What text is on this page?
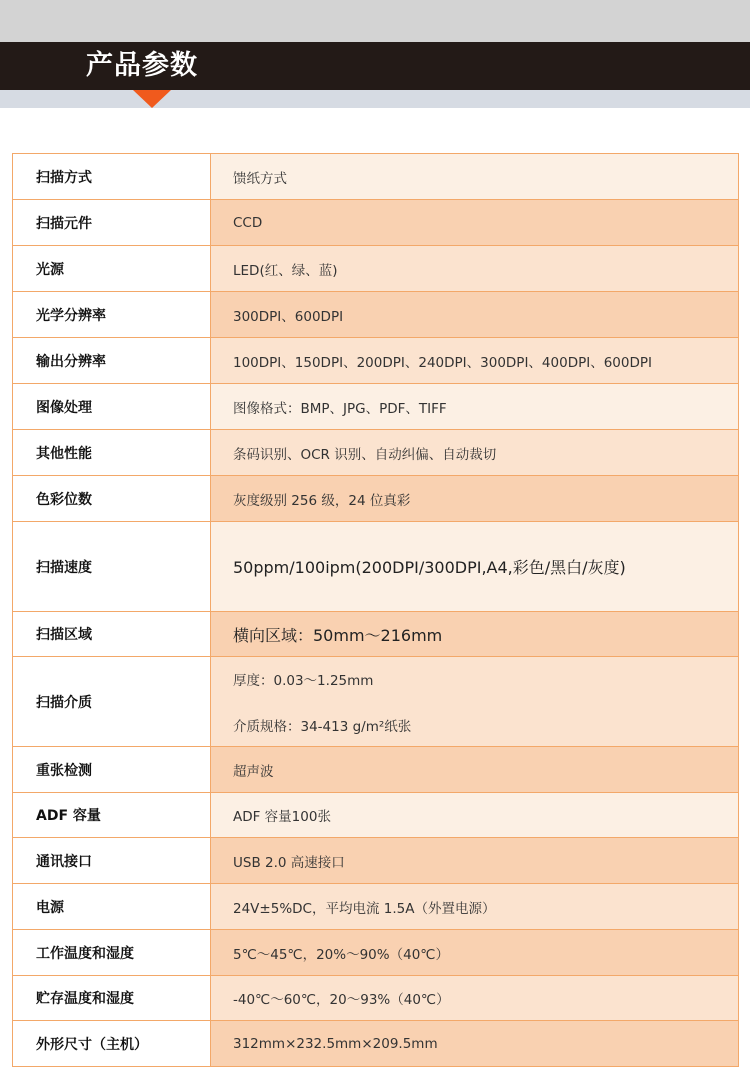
产品参数
扫描方式	馈纸方式
扫描元件	CCD
光源	LED(红、绿、蓝)
光学分辨率	300DPI、600DPI
输出分辨率	100DPI、150DPI、200DPI、240DPI、300DPI、400DPI、600DPI
图像处理	图像格式：BMP、JPG、PDF、TIFF
其他性能	条码识别、OCR 识别、自动纠偏、自动裁切
色彩位数	灰度级别 256 级，24 位真彩
扫描速度	50ppm/100ipm(200DPI/300DPI,A4,彩色/黑白/灰度)
扫描区域	横向区域：50mm～216mm
扫描介质	厚度：0.03～1.25mm
介质规格：34-413 g/m²纸张

重张检测	超声波
ADF 容量	ADF 容量100张
通讯接口	USB 2.0 高速接口
电源	24V±5%DC，平均电流 1.5A（外置电源）
工作温度和湿度	5℃～45℃，20%～90%（40℃）
贮存温度和湿度	-40℃～60℃，20～93%（40℃）
外形尺寸（主机）	312mm×232.5mm×209.5mm
